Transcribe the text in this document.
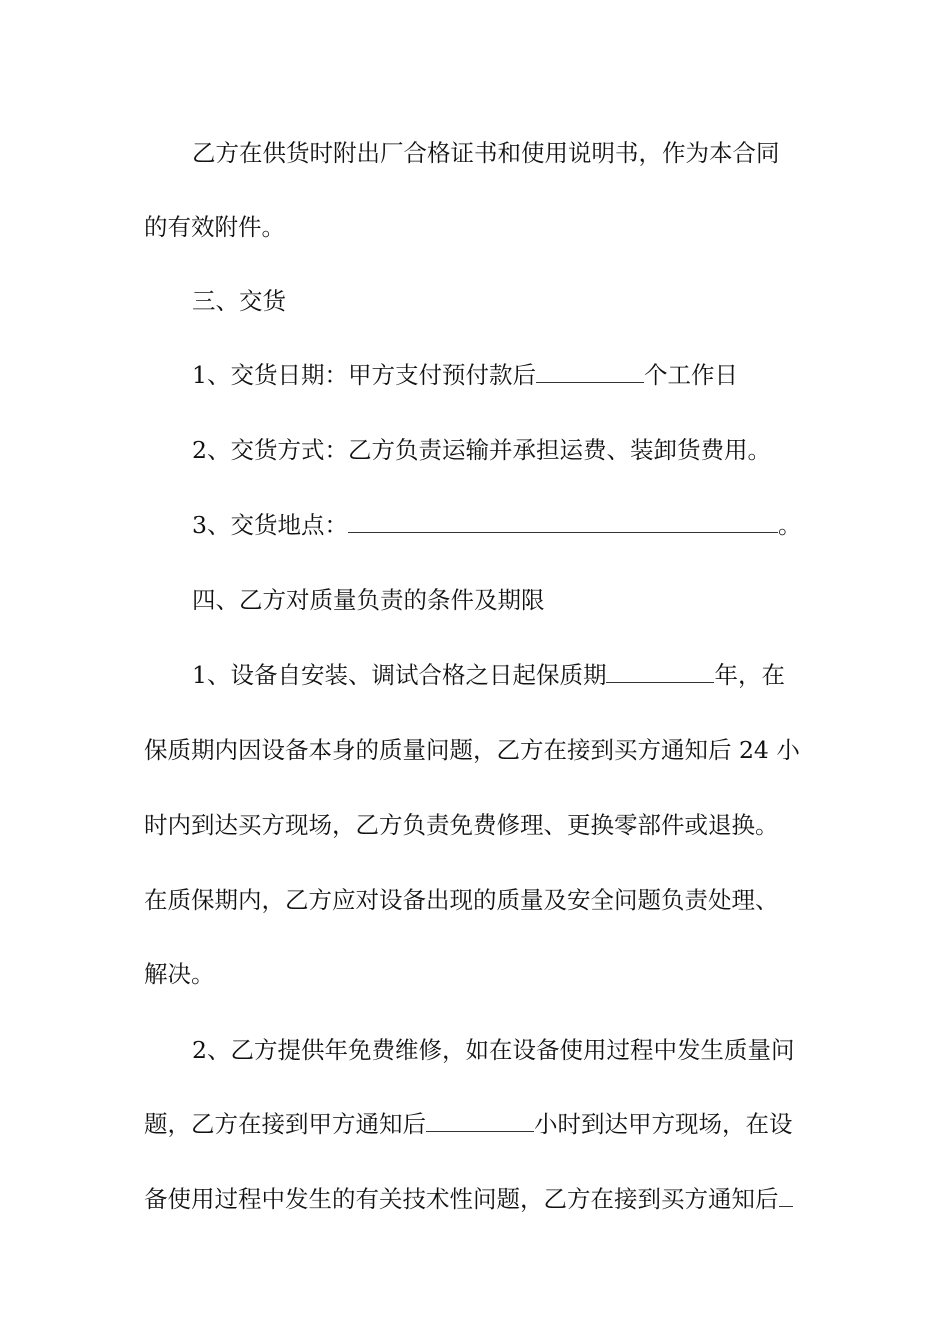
乙方在供货时附出厂合格证书和使用说明书，作为本合同
的有效附件。
三、交货
1、交货日期：甲方支付预付款后	个工作日
2、交货方式：乙方负责运输并承担运费、装卸货费用。
3、交货地点：	。
四、乙方对质量负责的条件及期限
1、设备自安装、调试合格之日起保质期	年，在
保质期内因设备本身的质量问题，乙方在接到买方通知后 24 小
时内到达买方现场，乙方负责免费修理、更换零部件或退换。
在质保期内，乙方应对设备出现的质量及安全问题负责处理、
解决。
2、乙方提供年免费维修，如在设备使用过程中发生质量问
题，乙方在接到甲方通知后	小时到达甲方现场，在设
备使用过程中发生的有关技术性问题，乙方在接到买方通知后
